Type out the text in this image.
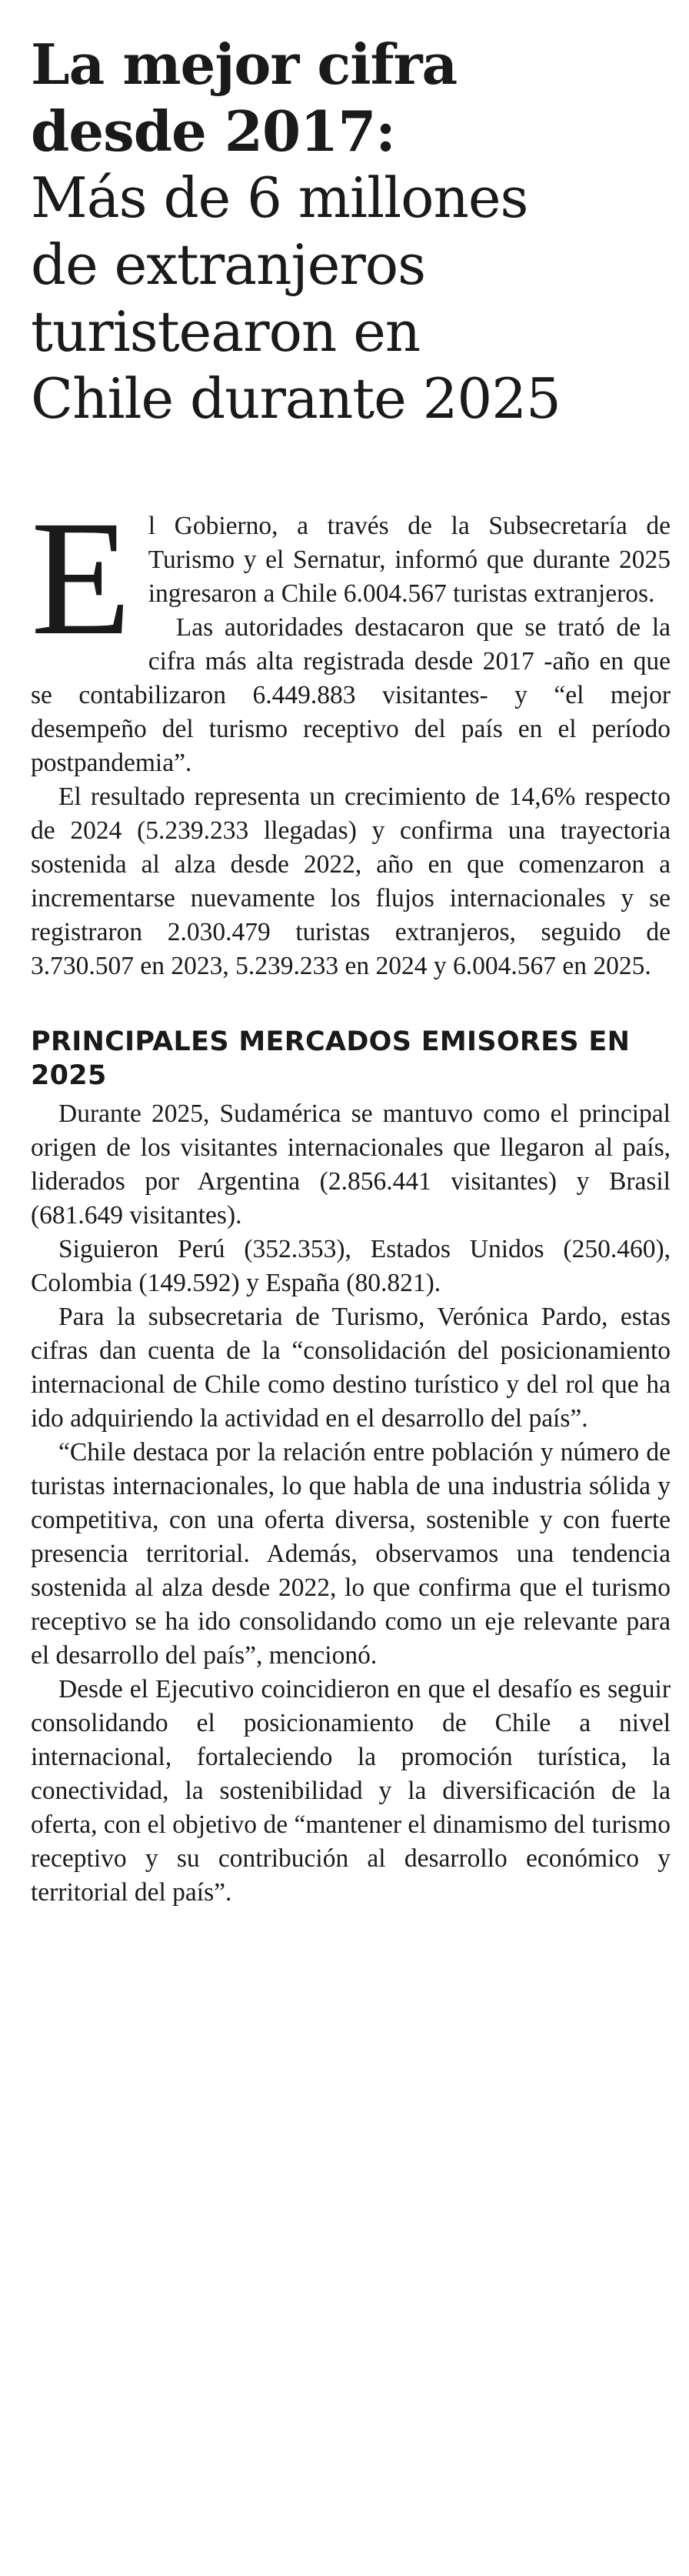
La mejor cifra
desde 2017:
Más de 6 millones
de extranjeros
turistearon en
Chile durante 2025
E l Gobierno, a través de la Subsecretaría de Turismo y el Sernatur, informó que durante 2025 ingresaron a Chile 6.004.567 turistas extranjeros.

Las autoridades destacaron que se trató de la cifra más alta registrada desde 2017 -año en que se contabilizaron 6.449.883 visitantes- y “el mejor desempeño del turismo receptivo del país en el período postpandemia”.

El resultado representa un crecimiento de 14,6% respecto de 2024 (5.239.233 llegadas) y confirma una trayectoria sostenida al alza desde 2022, año en que comenzaron a incrementarse nuevamente los flujos internacionales y se registraron 2.030.479 turistas extranjeros, seguido de 3.730.507 en 2023, 5.239.233 en 2024 y 6.004.567 en 2025.

PRINCIPALES MERCADOS EMISORES EN 2025

Durante 2025, Sudamérica se mantuvo como el principal origen de los visitantes internacionales que llegaron al país, liderados por Argentina (2.856.441 visitantes) y Brasil (681.649 visitantes).

Siguieron Perú (352.353), Estados Unidos (250.460), Colombia (149.592) y España (80.821).

Para la subsecretaria de Turismo, Verónica Pardo, estas cifras dan cuenta de la “consolidación del posicionamiento internacional de Chile como destino turístico y del rol que ha ido adquiriendo la actividad en el desarrollo del país”.

“Chile destaca por la relación entre población y número de turistas internacionales, lo que habla de una industria sólida y competitiva, con una oferta diversa, sostenible y con fuerte presencia territorial. Además, observamos una tendencia sostenida al alza desde 2022, lo que confirma que el turismo receptivo se ha ido consolidando como un eje relevante para el desarrollo del país”, mencionó.

Desde el Ejecutivo coincidieron en que el desafío es seguir consolidando el posicionamiento de Chile a nivel internacional, fortaleciendo la promoción turística, la conectividad, la sostenibilidad y la diversificación de la oferta, con el objetivo de “mantener el dinamismo del turismo receptivo y su contribución al desarrollo económico y territorial del país”.
